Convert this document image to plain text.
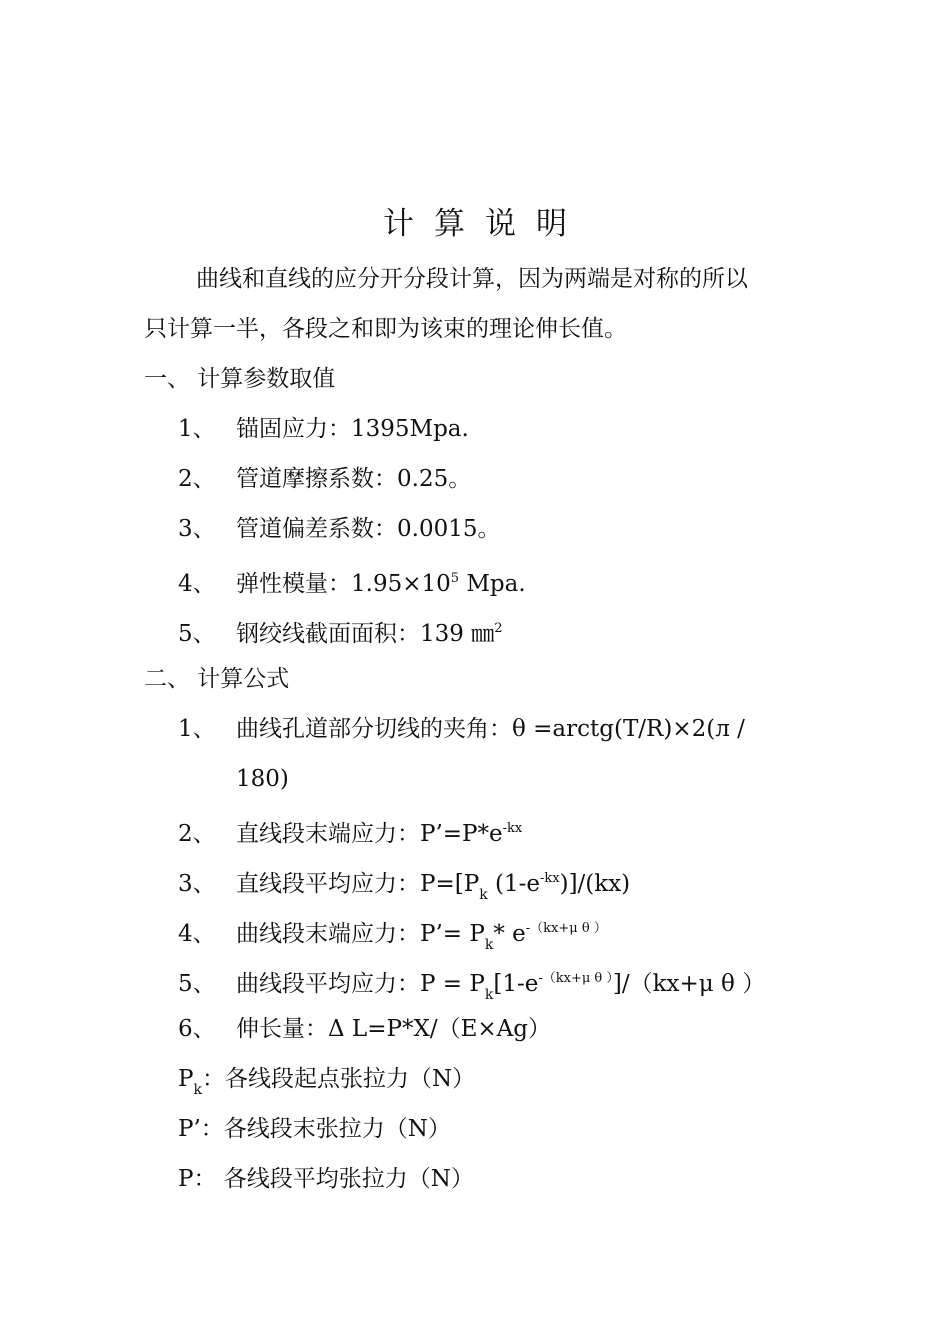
计 算 说 明
曲线和直线的应分开分段计算，因为两端是对称的所以
只计算一半，各段之和即为该束的理论伸长值。
一、 计算参数取值
1、 锚固应力：1395Mpa.
2、 管道摩擦系数：0.25。
3、 管道偏差系数：0.0015。
4、 弹性模量：$1.95\times 10^5$ Mpa.
5、 钢绞线截面面积：139 ㎜$^2$
二、 计算公式
1、 曲线孔道部分切线的夹角：θ =arctg(T/R)×2(л /
180)
2、 直线段末端应力：$P’=P*e^{-kx}$
3、 直线段平均应力：$P=[P_k$ $(1-e^{-kx})]/(kx)$
4、 曲线段末端应力：P’= $P_k*$ $e^{-(kx+\mu \theta )}$
5、 曲线段平均应力：$P = P_k[1-e^{-(kx+\mu \theta )}]/(kx+\mu$ θ ）
6、 伸长量：Δ L=P*X/（E×Ag）
$P_k$：各线段起点张拉力（N）
P’：各线段末张拉力（N）
P： 各线段平均张拉力（N）
